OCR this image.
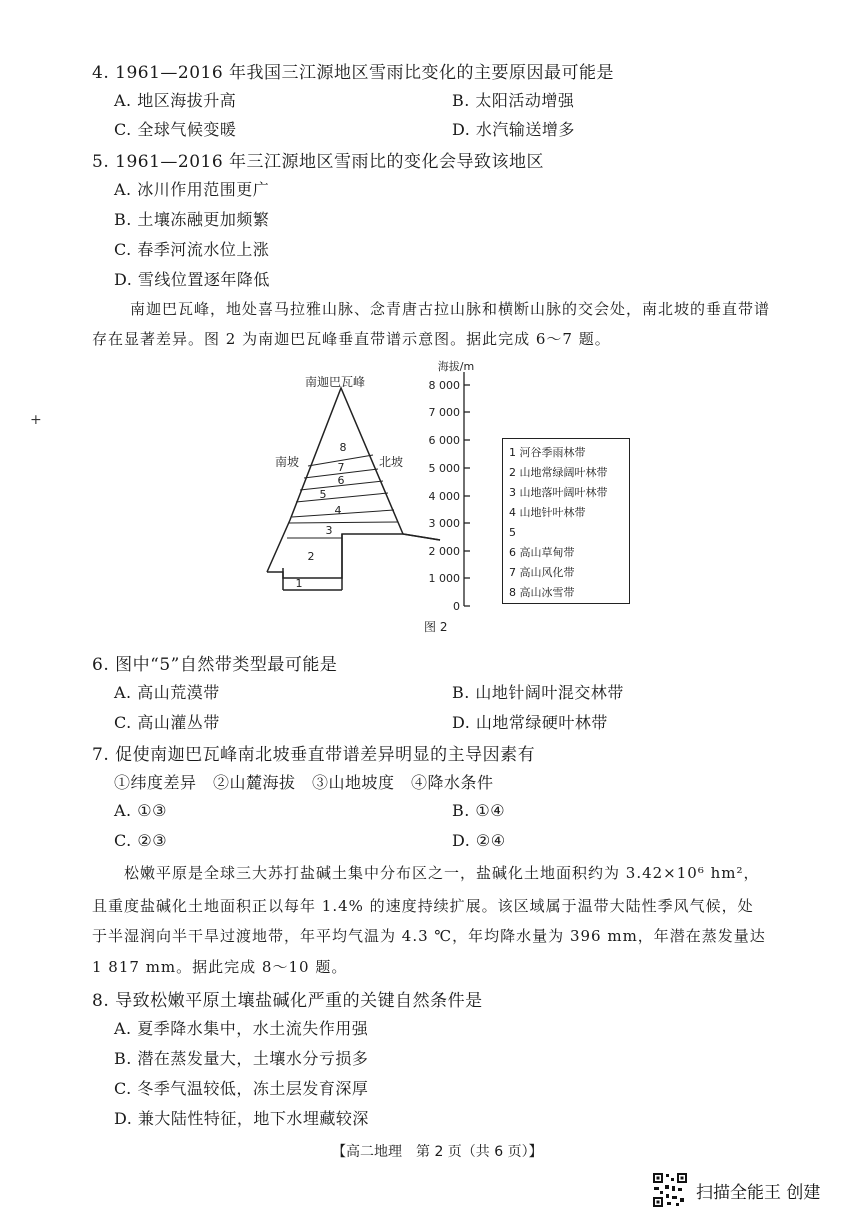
+
4. 1961—2016 年我国三江源地区雪雨比变化的主要原因最可能是
A. 地区海拔升高	B. 太阳活动增强
C. 全球气候变暖	D. 水汽输送增多
5. 1961—2016 年三江源地区雪雨比的变化会导致该地区
A. 冰川作用范围更广
B. 土壤冻融更加频繁
C. 春季河流水位上涨
D. 雪线位置逐年降低
南迦巴瓦峰，地处喜马拉雅山脉、念青唐古拉山脉和横断山脉的交会处，南北坡的垂直带谱
存在显著差异。图 2 为南迦巴瓦峰垂直带谱示意图。据此完成 6～7 题。
8
7
6
5
4
3
2
1
南迦巴瓦峰
南坡	北坡
海拔/m
8 000
7 000
6 000
5 000
4 000
3 000
2 000
1 000
0
图 2
1 河谷季雨林带
2 山地常绿阔叶林带
3 山地落叶阔叶林带
4 山地针叶林带
5
6 高山草甸带
7 高山风化带
8 高山冰雪带
6. 图中“5”自然带类型最可能是
A. 高山荒漠带	B. 山地针阔叶混交林带
C. 高山灌丛带	D. 山地常绿硬叶林带
7. 促使南迦巴瓦峰南北坡垂直带谱差异明显的主导因素有
①纬度差异　②山麓海拔　③山地坡度　④降水条件
A. ①③	B. ①④
C. ②③	D. ②④
松嫩平原是全球三大苏打盐碱土集中分布区之一，盐碱化土地面积约为 3.42×10⁶ hm²，
且重度盐碱化土地面积正以每年 1.4% 的速度持续扩展。该区域属于温带大陆性季风气候，处
于半湿润向半干旱过渡地带，年平均气温为 4.3 ℃，年均降水量为 396 mm，年潜在蒸发量达
1 817 mm。据此完成 8～10 题。
8. 导致松嫩平原土壤盐碱化严重的关键自然条件是
A. 夏季降水集中，水土流失作用强
B. 潜在蒸发量大，土壤水分亏损多
C. 冬季气温较低，冻土层发育深厚
D. 兼大陆性特征，地下水埋藏较深
【高二地理　第 2 页（共 6 页）】
扫描全能王 创建
